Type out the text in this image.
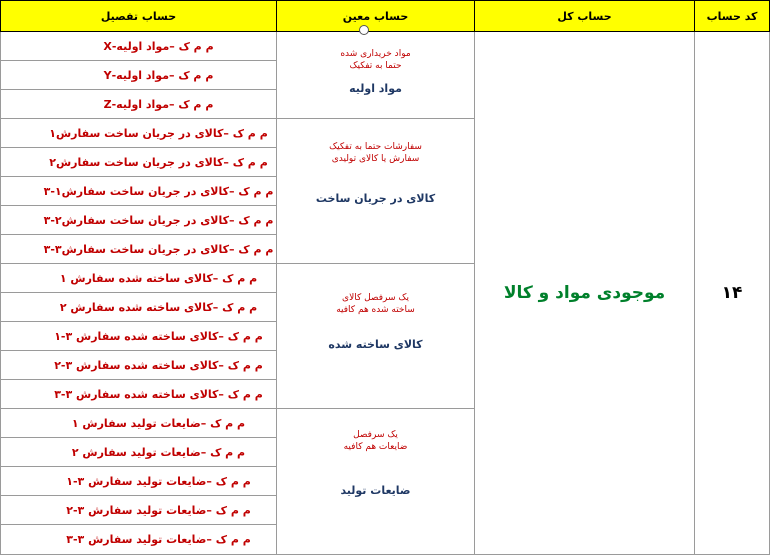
حساب تفصیل	حساب معین	حساب کل	کد حساب
موجودی مواد و کالا	۱۴
مواد خریداری شده
حتما به تفکیک
مواد اولیه
م م ک –مواد اولیه-X
م م ک –مواد اولیه-Y
م م ک –مواد اولیه-Z
سفارشات حتما به تفکیک
سفارش یا کالای تولیدی
کالای در جریان ساخت
م م ک –کالای در جریان ساخت سفارش۱
م م ک –کالای در جریان ساخت سفارش۲
م م ک –کالای در جریان ساخت سفارش۱-۳
م م ک –کالای در جریان ساخت سفارش۲-۳
م م ک –کالای در جریان ساخت سفارش۳-۳
یک سرفصل کالای
ساخته شده هم کافیه
کالای ساخته شده
م م ک –کالای ساخته شده سفارش ۱
م م ک –کالای ساخته شده سفارش ۲
م م ک –کالای ساخته شده سفارش ۳-۱
م م ک –کالای ساخته شده سفارش ۳-۲
م م ک –کالای ساخته شده سفارش ۳-۳
یک سرفصل
ضایعات هم کافیه
ضایعات تولید
م م ک –ضایعات تولید سفارش ۱
م م ک –ضایعات تولید سفارش ۲
م م ک –ضایعات تولید سفارش ۳-۱
م م ک –ضایعات تولید سفارش ۳-۲
م م ک –ضایعات تولید سفارش ۳-۳
